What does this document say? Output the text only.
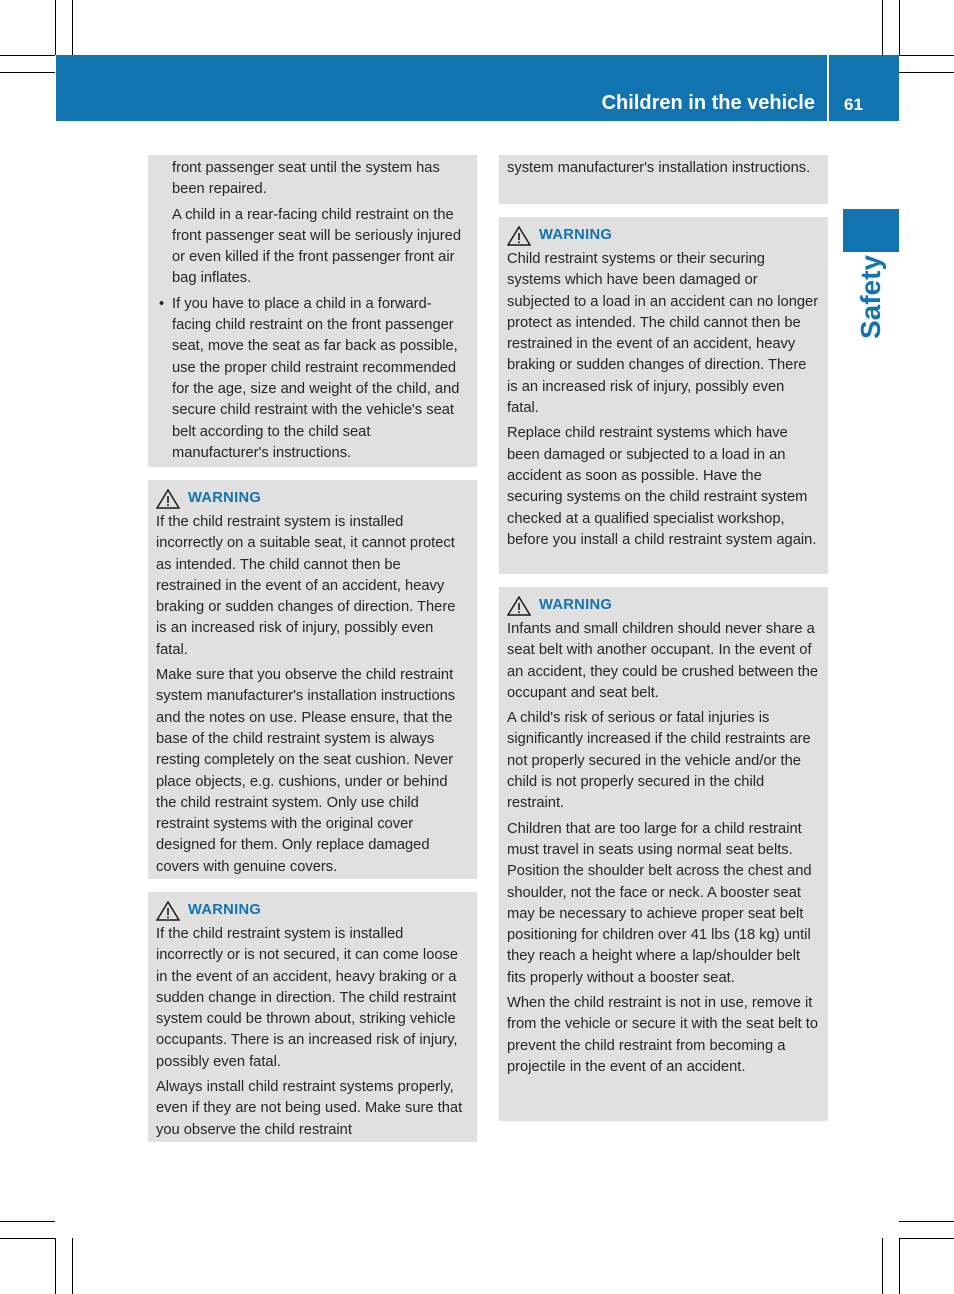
Children in the vehicle 61
Safety

front passenger seat until the system has been repaired.

A child in a rear-facing child restraint on the front passenger seat will be seriously injured or even killed if the front passenger front air bag inflates.

• If you have to place a child in a forward-facing child restraint on the front passenger seat, move the seat as far back as possible, use the proper child restraint recommended for the age, size and weight of the child, and secure child restraint with the vehicle's seat belt according to the child seat manufacturer's instructions.
WARNING

If the child restraint system is installed incorrectly on a suitable seat, it cannot protect as intended. The child cannot then be restrained in the event of an accident, heavy braking or sudden changes of direction. There is an increased risk of injury, possibly even fatal.

Make sure that you observe the child restraint system manufacturer's installation instructions and the notes on use. Please ensure, that the base of the child restraint system is always resting completely on the seat cushion. Never place objects, e.g. cushions, under or behind the child restraint system. Only use child restraint systems with the original cover designed for them. Only replace damaged covers with genuine covers.

WARNING

If the child restraint system is installed incorrectly or is not secured, it can come loose in the event of an accident, heavy braking or a sudden change in direction. The child restraint system could be thrown about, striking vehicle occupants. There is an increased risk of injury, possibly even fatal.

Always install child restraint systems properly, even if they are not being used. Make sure that you observe the child restraint

system manufacturer's installation instructions.

WARNING

Child restraint systems or their securing systems which have been damaged or subjected to a load in an accident can no longer protect as intended. The child cannot then be restrained in the event of an accident, heavy braking or sudden changes of direction. There is an increased risk of injury, possibly even fatal.

Replace child restraint systems which have been damaged or subjected to a load in an accident as soon as possible. Have the securing systems on the child restraint system checked at a qualified specialist workshop, before you install a child restraint system again.

WARNING

Infants and small children should never share a seat belt with another occupant. In the event of an accident, they could be crushed between the occupant and seat belt.

A child's risk of serious or fatal injuries is significantly increased if the child restraints are not properly secured in the vehicle and/or the child is not properly secured in the child restraint.

Children that are too large for a child restraint must travel in seats using normal seat belts. Position the shoulder belt across the chest and shoulder, not the face or neck. A booster seat may be necessary to achieve proper seat belt positioning for children over 41 lbs (18 kg) until they reach a height where a lap/shoulder belt fits properly without a booster seat.

When the child restraint is not in use, remove it from the vehicle or secure it with the seat belt to prevent the child restraint from becoming a projectile in the event of an accident.
